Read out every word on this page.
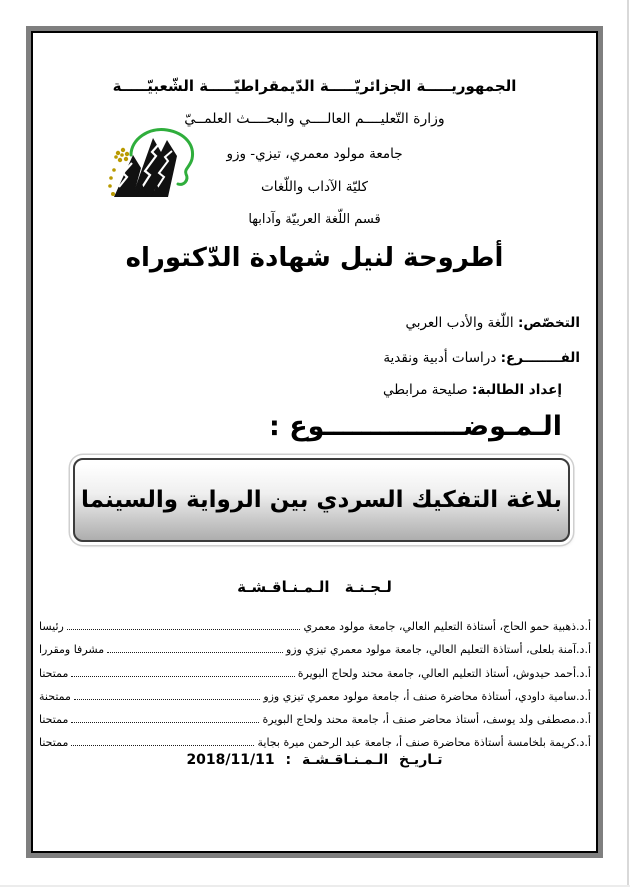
الجمهوريـــــة الجزائريّـــــة الدّيمقراطيّـــــة الشّعبيّـــــة
وزارة التّعليــــم العالــــي والبحــــث العلمــيّ
جامعة مولود معمري، تيزي- وزو
كليّة الآداب واللّغات
قسم اللّغة العربيّة وآدابها
أطروحة لنيل شهادة الدّكتوراه
التخصّص: اللّغة والأدب العربي
الفــــــــرع: دراسات أدبية ونقدية
إعداد الطالبة: صليحة مرابطي
الـمـوضـــــــــــــــوع :
بلاغة التفكيك السردي بين الرواية والسينما
لـجـنـة الـمـنـاقـشـة
أ.د.ذهبية حمو الحاج، أستاذة التعليم العالي، جامعة مولود معمري
رئيسا
أ.د.آمنة بلعلى، أستاذة التعليم العالي، جامعة مولود معمري تيزي وزو
مشرفا ومقررا
أ.د.أحمد حيدوش، أستاذ التعليم العالي، جامعة محند ولحاج البويرة
ممتحنا
أ.د.سامية داودي، أستاذة محاضرة صنف أ، جامعة مولود معمري تيزي وزو
ممتحنة
أ.د.مصطفى ولد يوسف، أستاذ محاضر صنف أ، جامعة محند ولحاج البويرة
ممتحنا
أ.د.كريمة بلخامسة أستاذة محاضرة صنف أ، جامعة عبد الرحمن ميرة بجاية
ممتحنا
تـاريـخ الـمـنـاقـشـة : 2018/11/11
